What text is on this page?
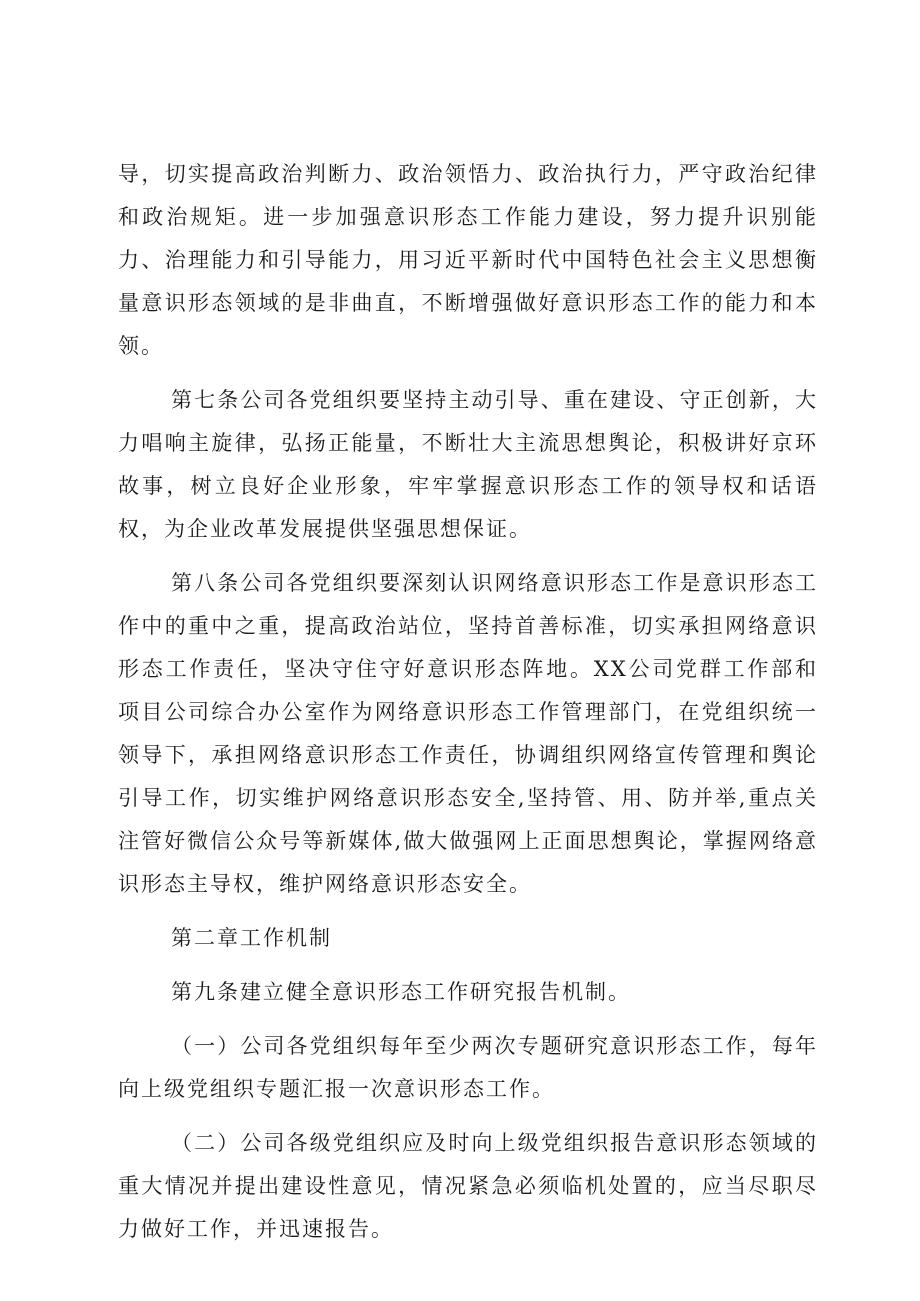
导，切实提高政治判断力、政治领悟力、政治执行力，严守政治纪律和政治规矩。进一步加强意识形态工作能力建设，努力提升识别能力、治理能力和引导能力，用习近平新时代中国特色社会主义思想衡量意识形态领域的是非曲直，不断增强做好意识形态工作的能力和本领。

第七条公司各党组织要坚持主动引导、重在建设、守正创新，大力唱响主旋律，弘扬正能量，不断壮大主流思想舆论，积极讲好京环故事，树立良好企业形象，牢牢掌握意识形态工作的领导权和话语权，为企业改革发展提供坚强思想保证。

第八条公司各党组织要深刻认识网络意识形态工作是意识形态工作中的重中之重，提高政治站位，坚持首善标准，切实承担网络意识形态工作责任，坚决守住守好意识形态阵地。XX公司党群工作部和项目公司综合办公室作为网络意识形态工作管理部门，在党组织统一领导下，承担网络意识形态工作责任，协调组织网络宣传管理和舆论引导工作，切实维护网络意识形态安全,坚持管、用、防并举,重点关注管好微信公众号等新媒体,做大做强网上正面思想舆论，掌握网络意识形态主导权，维护网络意识形态安全。

第二章工作机制

第九条建立健全意识形态工作研究报告机制。

（一）公司各党组织每年至少两次专题研究意识形态工作，每年向上级党组织专题汇报一次意识形态工作。

（二）公司各级党组织应及时向上级党组织报告意识形态领域的重大情况并提出建设性意见，情况紧急必须临机处置的，应当尽职尽力做好工作，并迅速报告。
